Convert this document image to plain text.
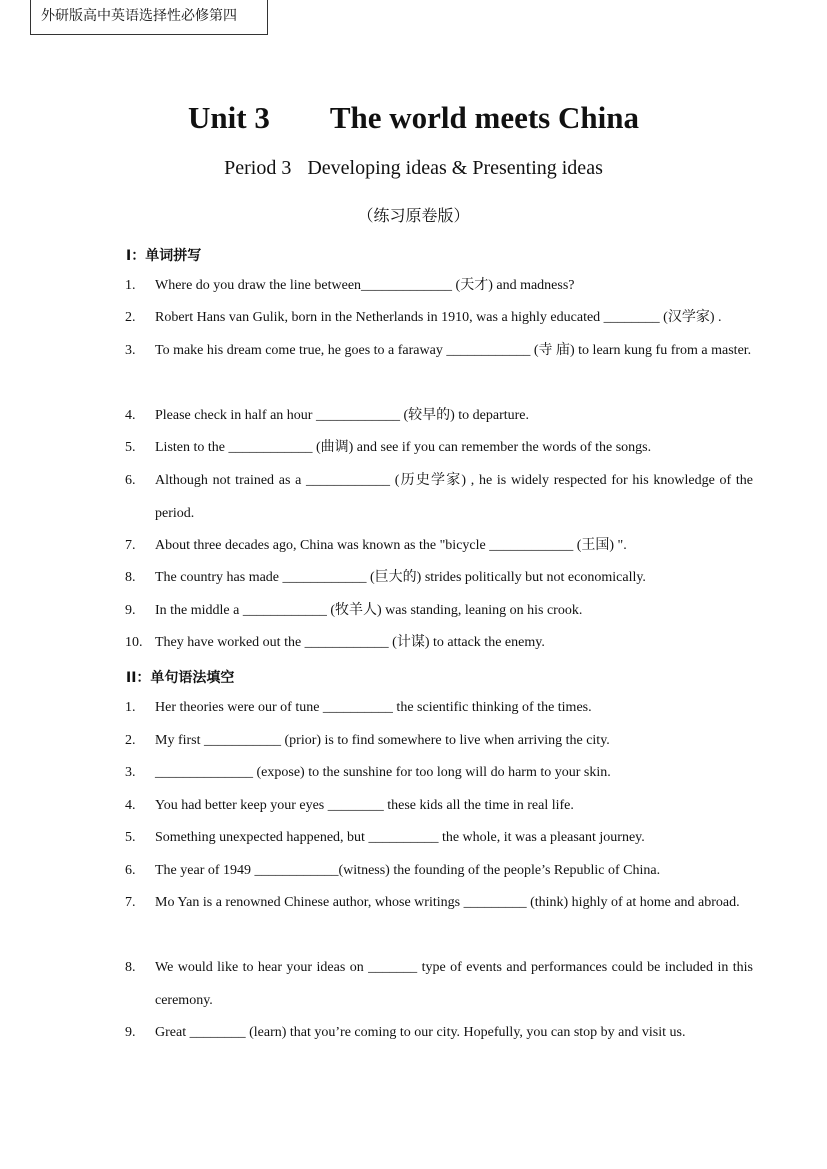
外研版高中英语选择性必修第四
Unit 3 The world meets China
Period 3 Developing ideas & Presenting ideas
（练习原卷版）
I：单词拼写
1. Where do you draw the line between_____________ (天才) and madness?
2. Robert Hans van Gulik, born in the Netherlands in 1910, was a highly educated ________ (汉学家) .
3. To make his dream come true, he goes to a faraway ____________ (寺 庙) to learn kung fu from a master.
4. Please check in half an hour ____________ (较早的) to departure.
5. Listen to the ____________ (曲调) and see if you can remember the words of the songs.
6. Although not trained as a ____________ (历史学家) , he is widely respected for his knowledge of the period.
7. About three decades ago, China was known as the "bicycle ____________ (王国) ".
8. The country has made ____________ (巨大的) strides politically but not economically.
9. In the middle a ____________ (牧羊人) was standing, leaning on his crook.
10. They have worked out the ____________ (计谋) to attack the enemy.
II：单句语法填空
1. Her theories were our of tune __________ the scientific thinking of the times.
2. My first ___________ (prior) is to find somewhere to live when arriving the city.
3. ______________ (expose) to the sunshine for too long will do harm to your skin.
4. You had better keep your eyes ________ these kids all the time in real life.
5. Something unexpected happened, but __________ the whole, it was a pleasant journey.
6. The year of 1949 ____________(witness) the founding of the people’s Republic of China.
7. Mo Yan is a renowned Chinese author, whose writings _________ (think) highly of at home and abroad.
8. We would like to hear your ideas on _______ type of events and performances could be included in this ceremony.
9. Great ________ (learn) that you’re coming to our city. Hopefully, you can stop by and visit us.
